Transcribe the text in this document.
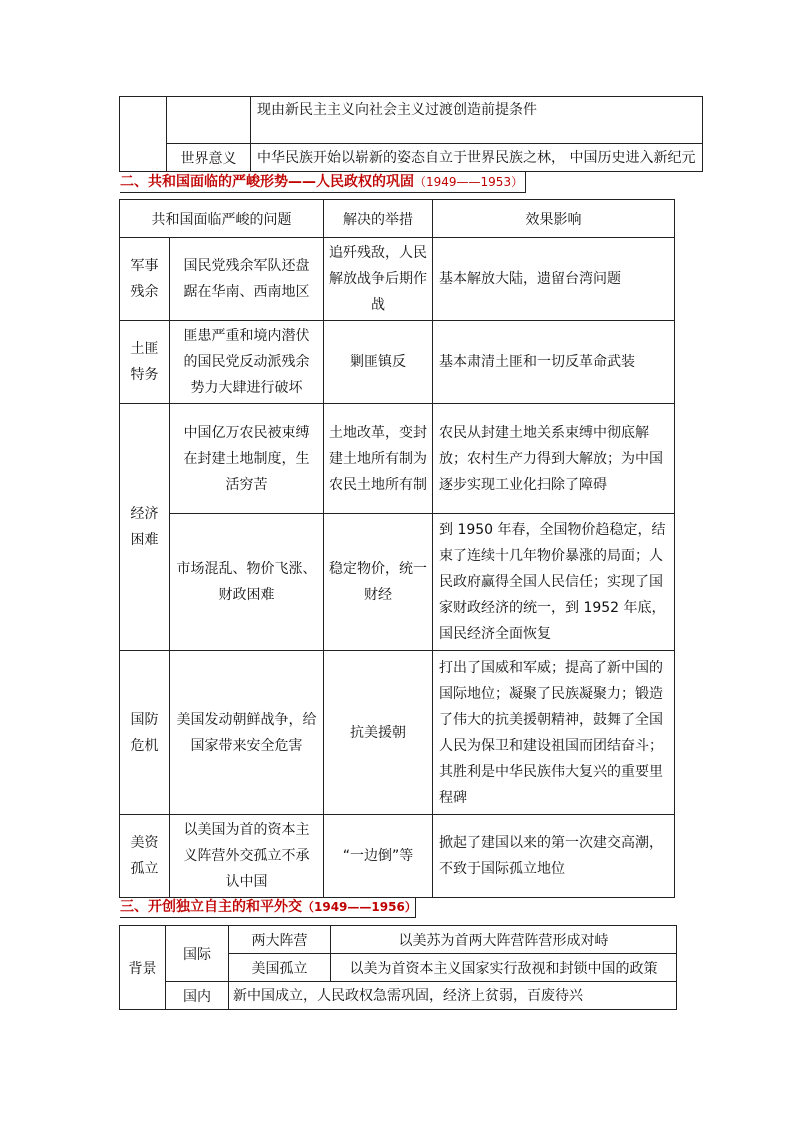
		现由新民主主义向社会主义过渡创造前提条件

	世界意义	中华民族开始以崭新的姿态自立于世界民族之林， 中国历史进入新纪元
二、共和国面临的严峻形势——人民政权的巩固（1949——1953）
共和国面临严峻的问题		解决的举措	效果影响

军事残余	国民党残余军队还盘踞在华南、西南地区	追歼残敌，人民解放战争后期作战	基本解放大陆，遗留台湾问题

土匪特务	匪患严重和境内潜伏的国民党反动派残余势力大肆进行破坏	剿匪镇反	基本肃清土匪和一切反革命武装

经济困难	中国亿万农民被束缚在封建土地制度，生活穷苦	土地改革，变封建土地所有制为农民土地所有制	农民从封建土地关系束缚中彻底解放；农村生产力得到大解放；为中国逐步实现工业化扫除了障碍

	市场混乱、物价飞涨、财政困难	稳定物价，统一财经	到 1950 年春，全国物价趋稳定，结束了连续十几年物价暴涨的局面；人民政府赢得全国人民信任；实现了国家财政经济的统一，到 1952 年底，国民经济全面恢复

国防危机	美国发动朝鲜战争，给国家带来安全危害	抗美援朝	打出了国威和军威；提高了新中国的国际地位；凝聚了民族凝聚力；锻造了伟大的抗美援朝精神，鼓舞了全国人民为保卫和建设祖国而团结奋斗；其胜利是中华民族伟大复兴的重要里程碑

美资孤立	以美国为首的资本主义阵营外交孤立不承认中国	“一边倒”等	掀起了建国以来的第一次建交高潮，不致于国际孤立地位
三、开创独立自主的和平外交（1949——1956）
背景	国际	两大阵营	以美苏为首两大阵营阵营形成对峙
		美国孤立	以美为首资本主义国家实行敌视和封锁中国的政策
	国内	新中国成立，人民政权急需巩固，经济上贫弱，百废待兴	
